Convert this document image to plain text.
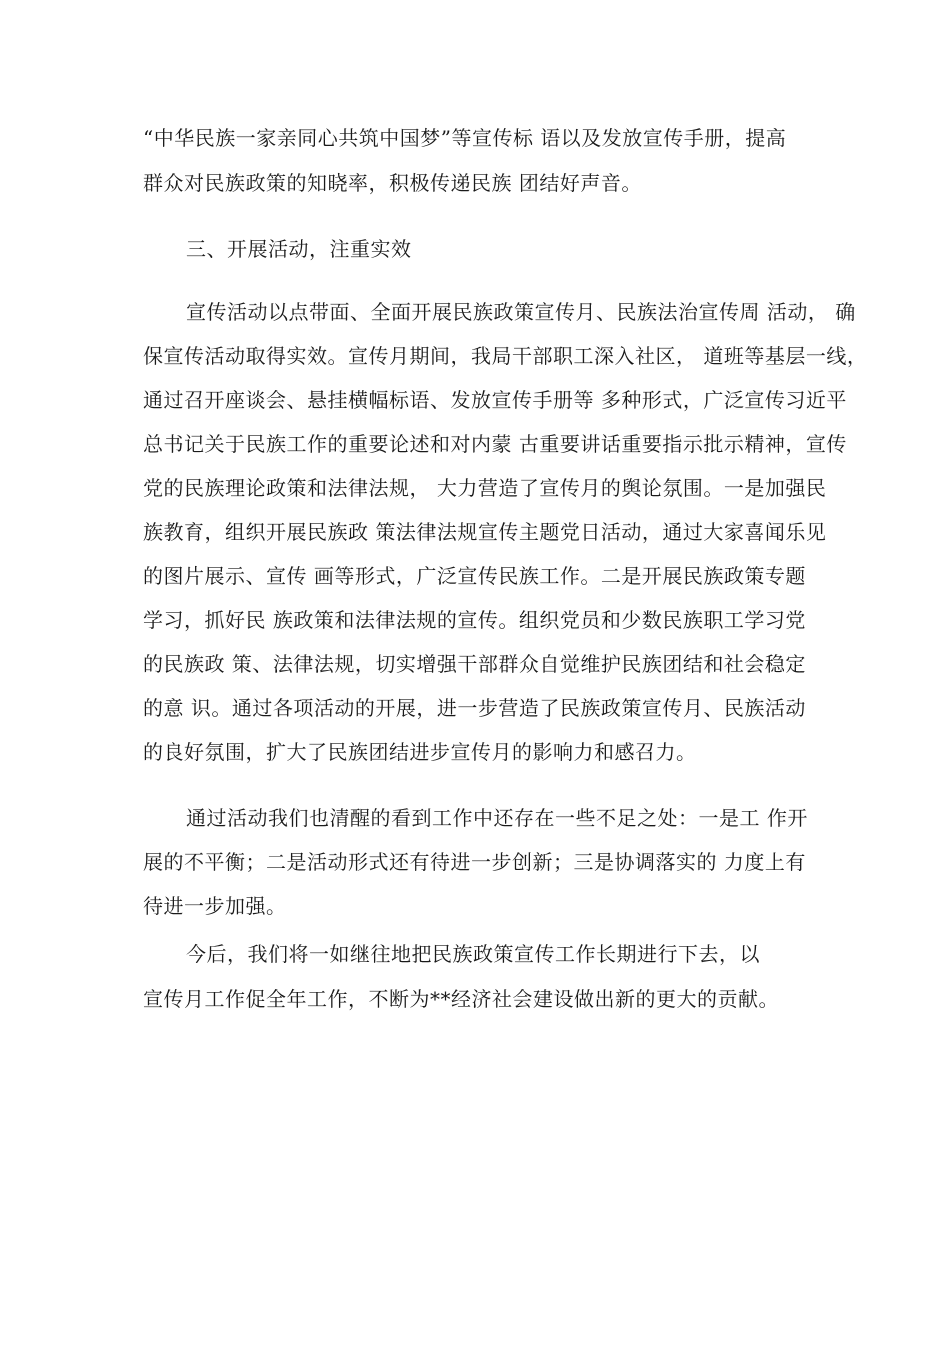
“中华民族一家亲同心共筑中国梦”等宣传标 语以及发放宣传手册，提高
群众对民族政策的知晓率，积极传递民族 团结好声音。
三、开展活动，注重实效
宣传活动以点带面、全面开展民族政策宣传月、民族法治宣传周 活动， 确
保宣传活动取得实效。宣传月期间，我局干部职工深入社区， 道班等基层一线，
通过召开座谈会、悬挂横幅标语、发放宣传手册等 多种形式，广泛宣传习近平
总书记关于民族工作的重要论述和对内蒙 古重要讲话重要指示批示精神，宣传
党的民族理论政策和法律法规， 大力营造了宣传月的舆论氛围。一是加强民
族教育，组织开展民族政 策法律法规宣传主题党日活动，通过大家喜闻乐见
的图片展示、宣传 画等形式，广泛宣传民族工作。二是开展民族政策专题
学习，抓好民 族政策和法律法规的宣传。组织党员和少数民族职工学习党
的民族政 策、法律法规，切实增强干部群众自觉维护民族团结和社会稳定
的意 识。通过各项活动的开展，进一步营造了民族政策宣传月、民族活动
的良好氛围，扩大了民族团结进步宣传月的影响力和感召力。
通过活动我们也清醒的看到工作中还存在一些不足之处：一是工 作开
展的不平衡；二是活动形式还有待进一步创新；三是协调落实的 力度上有
待进一步加强。
今后，我们将一如继往地把民族政策宣传工作长期进行下去，以
宣传月工作促全年工作，不断为**经济社会建设做出新的更大的贡献。
